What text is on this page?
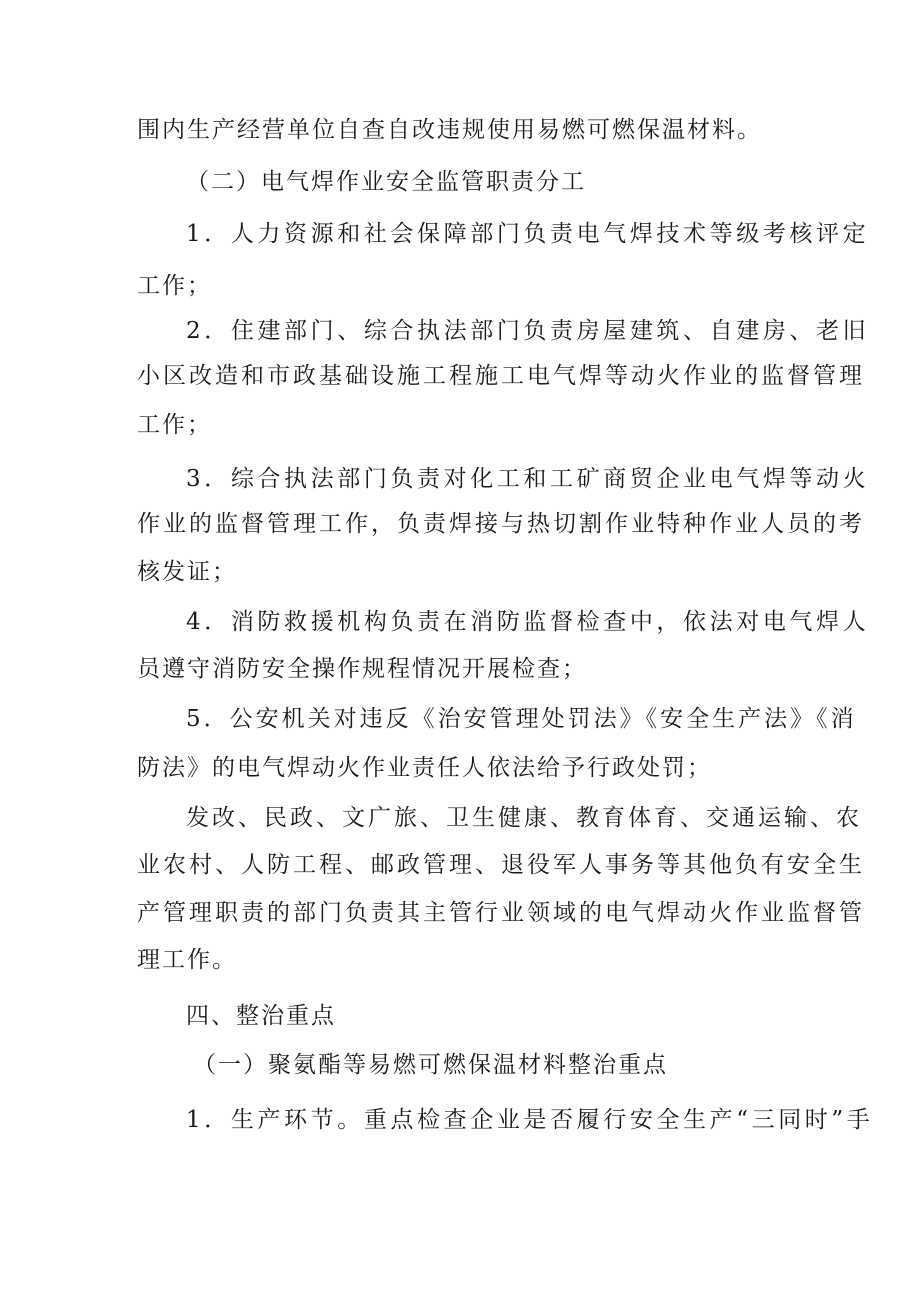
围内生产经营单位自查自改违规使用易燃可燃保温材料。
（二）电气焊作业安全监管职责分工
1．人力资源和社会保障部门负责电气焊技术等级考核评定
工作；
2．住建部门、综合执法部门负责房屋建筑、自建房、老旧
小区改造和市政基础设施工程施工电气焊等动火作业的监督管理
工作；
3．综合执法部门负责对化工和工矿商贸企业电气焊等动火
作业的监督管理工作，负责焊接与热切割作业特种作业人员的考
核发证；
4．消防救援机构负责在消防监督检查中，依法对电气焊人
员遵守消防安全操作规程情况开展检查；
5．公安机关对违反《治安管理处罚法》《安全生产法》《消
防法》的电气焊动火作业责任人依法给予行政处罚；
发改、民政、文广旅、卫生健康、教育体育、交通运输、农
业农村、人防工程、邮政管理、退役军人事务等其他负有安全生
产管理职责的部门负责其主管行业领域的电气焊动火作业监督管
理工作。
四、整治重点
（一）聚氨酯等易燃可燃保温材料整治重点
1．生产环节。重点检查企业是否履行安全生产“三同时”手
